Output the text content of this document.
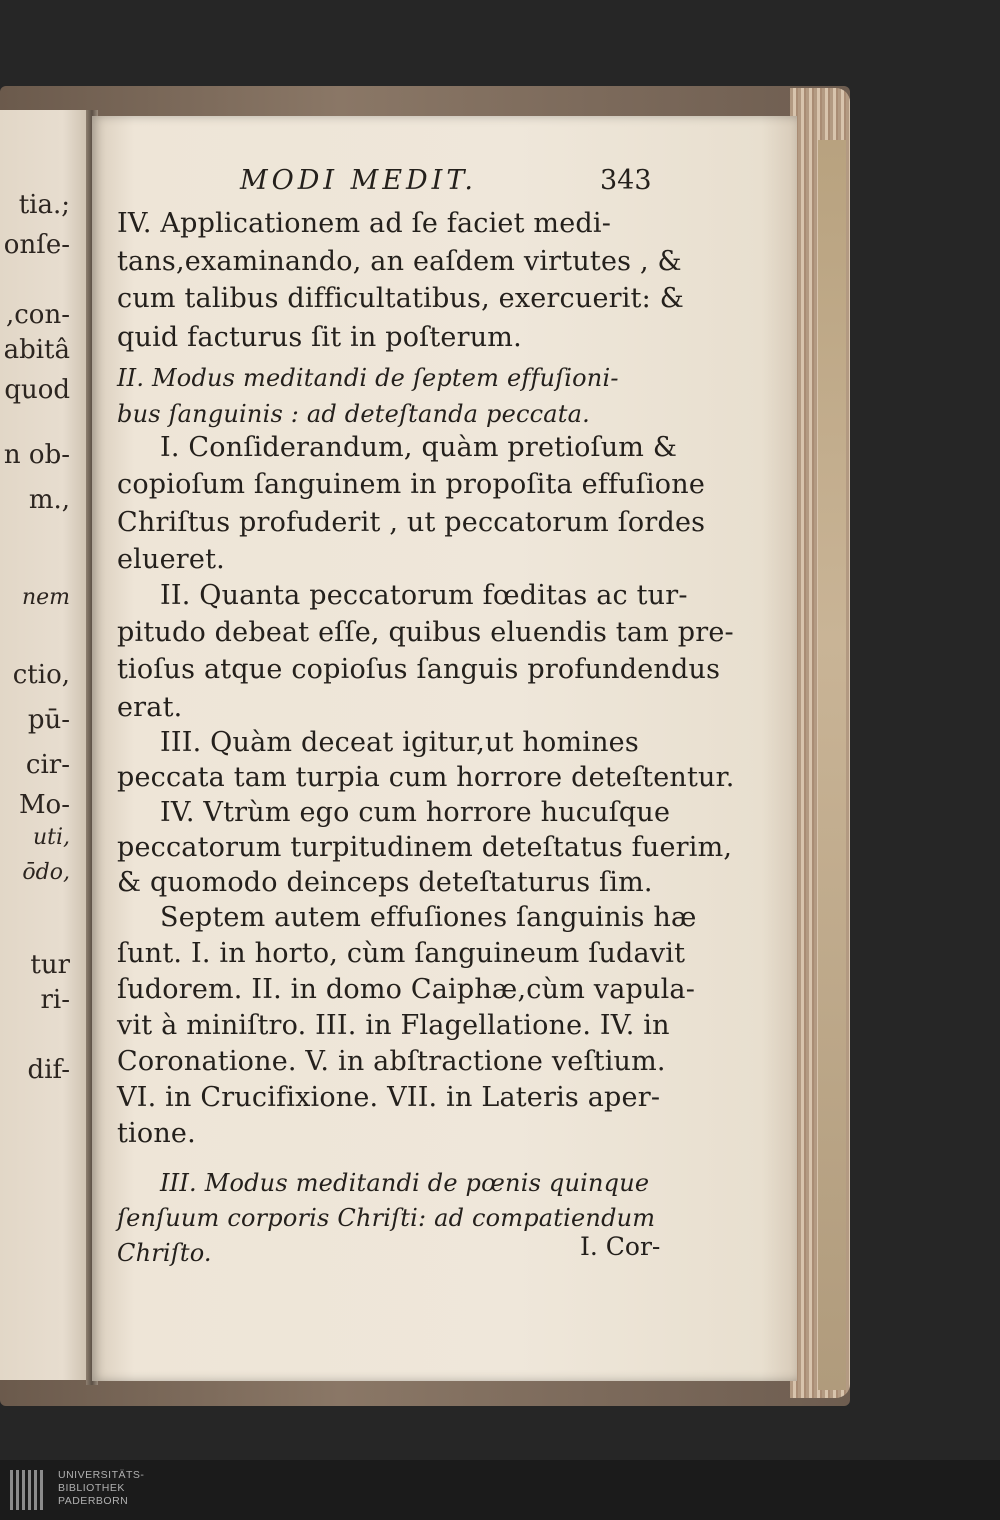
tia.;
onſe-
,con-
abitâ
quod
n ob-
m.,
nem
ctio,
pū-
cir-
Mo-
uti,
ōdo,
tur
ri-
dif-
MODI MEDIT.	343
I. Cor-
IV. Applicationem ad ſe faciet medi-
tans,examinando, an eaſdem virtutes , &
cum talibus difficultatibus, exercuerit: &
quid facturus ſit in poſterum.
II. Modus meditandi de ſeptem effuſioni-
bus ſanguinis : ad deteſtanda peccata.
I. Conſiderandum, quàm pretioſum &
copioſum ſanguinem in propoſita effuſione
Chriſtus profuderit , ut peccatorum ſordes
elueret.
II. Quanta peccatorum fœditas ac tur-
pitudo debeat eſſe, quibus eluendis tam pre-
tioſus atque copioſus ſanguis profundendus
erat.
III. Quàm deceat igitur,ut homines
peccata tam turpia cum horrore deteſtentur.
IV. Vtrùm ego cum horrore hucuſque
peccatorum turpitudinem deteſtatus fuerim,
& quomodo deinceps deteſtaturus ſim.
Septem autem effuſiones ſanguinis hæ
ſunt. I. in horto, cùm ſanguineum ſudavit
ſudorem. II. in domo Caiphæ,cùm vapula-
vit à miniſtro. III. in Flagellatione. IV. in
Coronatione. V. in abſtractione veſtium.
VI. in Crucifixione. VII. in Lateris aper-
tione.
III. Modus meditandi de pœnis quinque
ſenſuum corporis Chriſti: ad compatiendum
Chriſto.
UNIVERSITÄTS-
BIBLIOTHEK
PADERBORN
